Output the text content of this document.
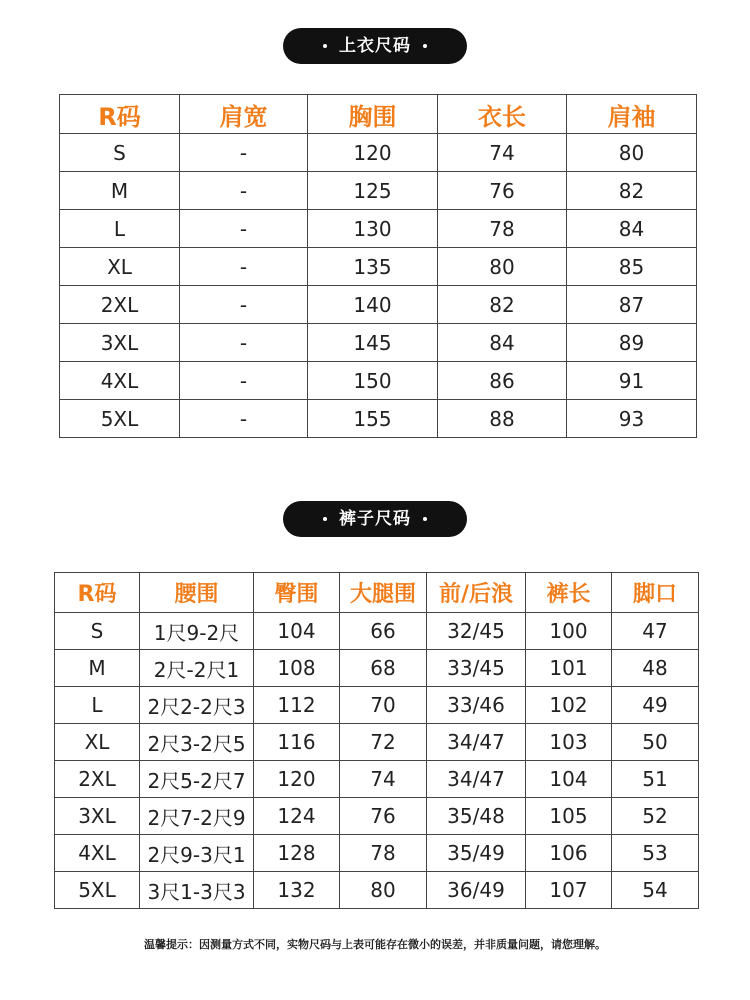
上衣尺码
R码	肩宽	胸围	衣长	肩袖
S	-	120	74	80
M	-	125	76	82
L	-	130	78	84
XL	-	135	80	85
2XL	-	140	82	87
3XL	-	145	84	89
4XL	-	150	86	91
5XL	-	155	88	93
裤子尺码
R码	腰围	臀围	大腿围	前/后浪	裤长	脚口
S	1尺9-2尺	104	66	32/45	100	47
M	2尺-2尺1	108	68	33/45	101	48
L	2尺2-2尺3	112	70	33/46	102	49
XL	2尺3-2尺5	116	72	34/47	103	50
2XL	2尺5-2尺7	120	74	34/47	104	51
3XL	2尺7-2尺9	124	76	35/48	105	52
4XL	2尺9-3尺1	128	78	35/49	106	53
5XL	3尺1-3尺3	132	80	36/49	107	54
温馨提示：因测量方式不同，实物尺码与上表可能存在微小的误差，并非质量问题，请您理解。
